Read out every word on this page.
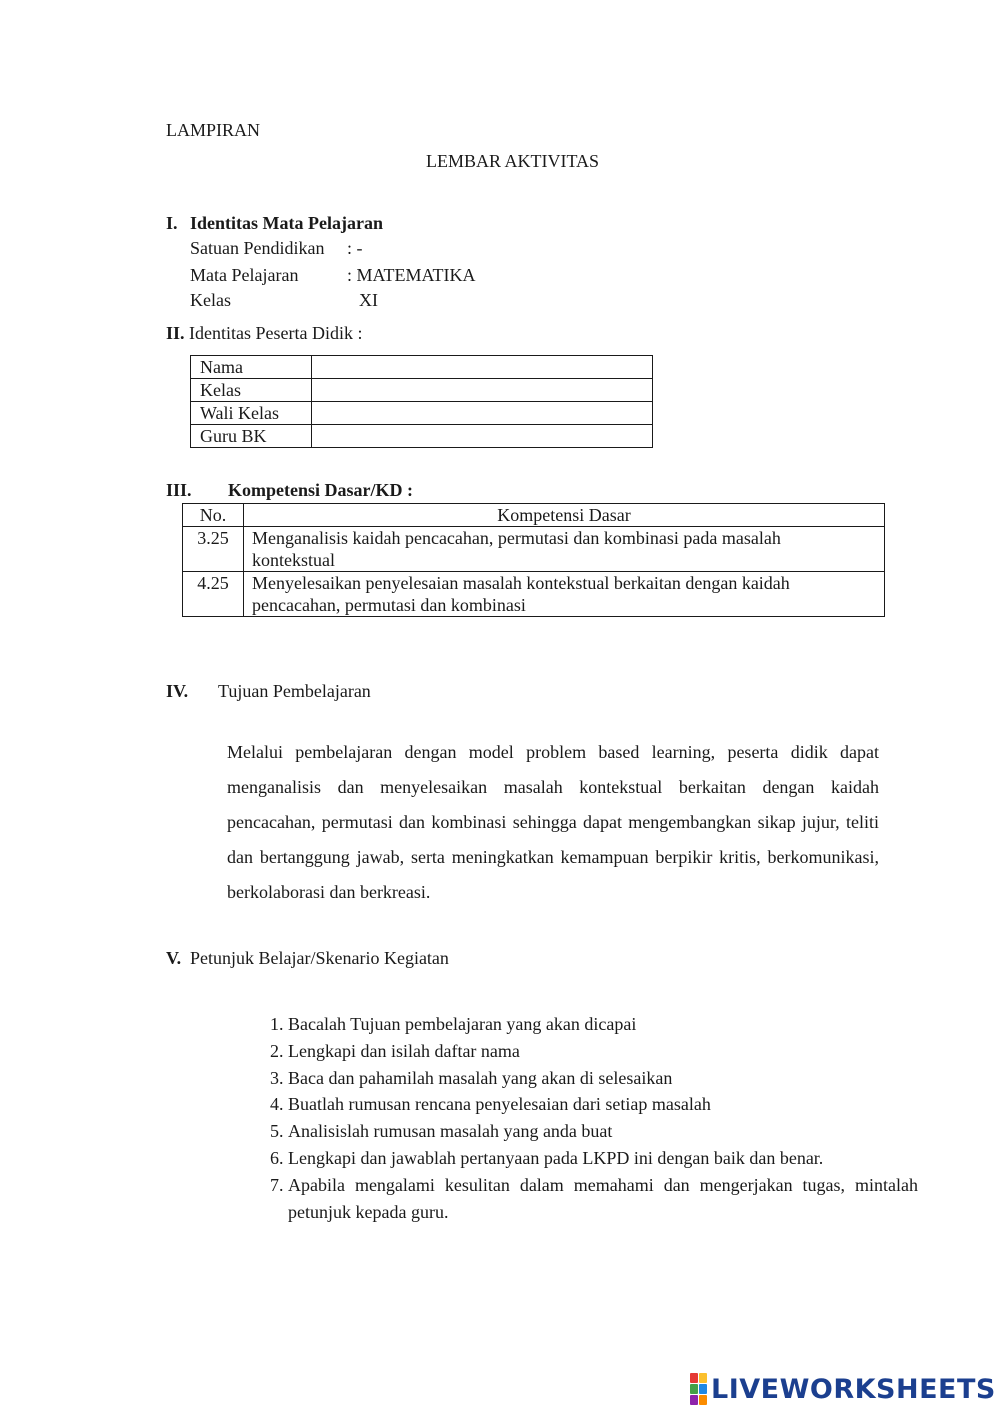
LAMPIRAN
LEMBAR AKTIVITAS
I. Identitas Mata Pelajaran
Satuan Pendidikan : -
Mata Pelajaran	: MATEMATIKA
Kelas	XI
II. Identitas Peserta Didik :
Nama	
Kelas	
Wali Kelas	
Guru BK	
III. Kompetensi Dasar/KD :
No.	Kompetensi Dasar
3.25	Menganalisis kaidah pencacahan, permutasi dan kombinasi pada masalah
kontekstual
4.25	Menyelesaikan penyelesaian masalah kontekstual berkaitan dengan kaidah
pencacahan, permutasi dan kombinasi
IV. Tujuan Pembelajaran

Melalui pembelajaran dengan model problem based learning, peserta didik dapat menganalisis dan menyelesaikan masalah kontekstual berkaitan dengan kaidah pencacahan, permutasi dan kombinasi sehingga dapat mengembangkan sikap jujur, teliti dan bertanggung jawab, serta meningkatkan kemampuan berpikir kritis, berkomunikasi, berkolaborasi dan berkreasi.

V. Petunjuk Belajar/Skenario Kegiatan
1. Bacalah Tujuan pembelajaran yang akan dicapai
2. Lengkapi dan isilah daftar nama
3. Baca dan pahamilah masalah yang akan di selesaikan
4. Buatlah rumusan rencana penyelesaian dari setiap masalah
5. Analisislah rumusan masalah yang anda buat
6. Lengkapi dan jawablah pertanyaan pada LKPD ini dengan baik dan benar.
7. Apabila mengalami kesulitan dalam memahami dan mengerjakan tugas, mintalah petunjuk kepada guru.
LIVEWORKSHEETS
